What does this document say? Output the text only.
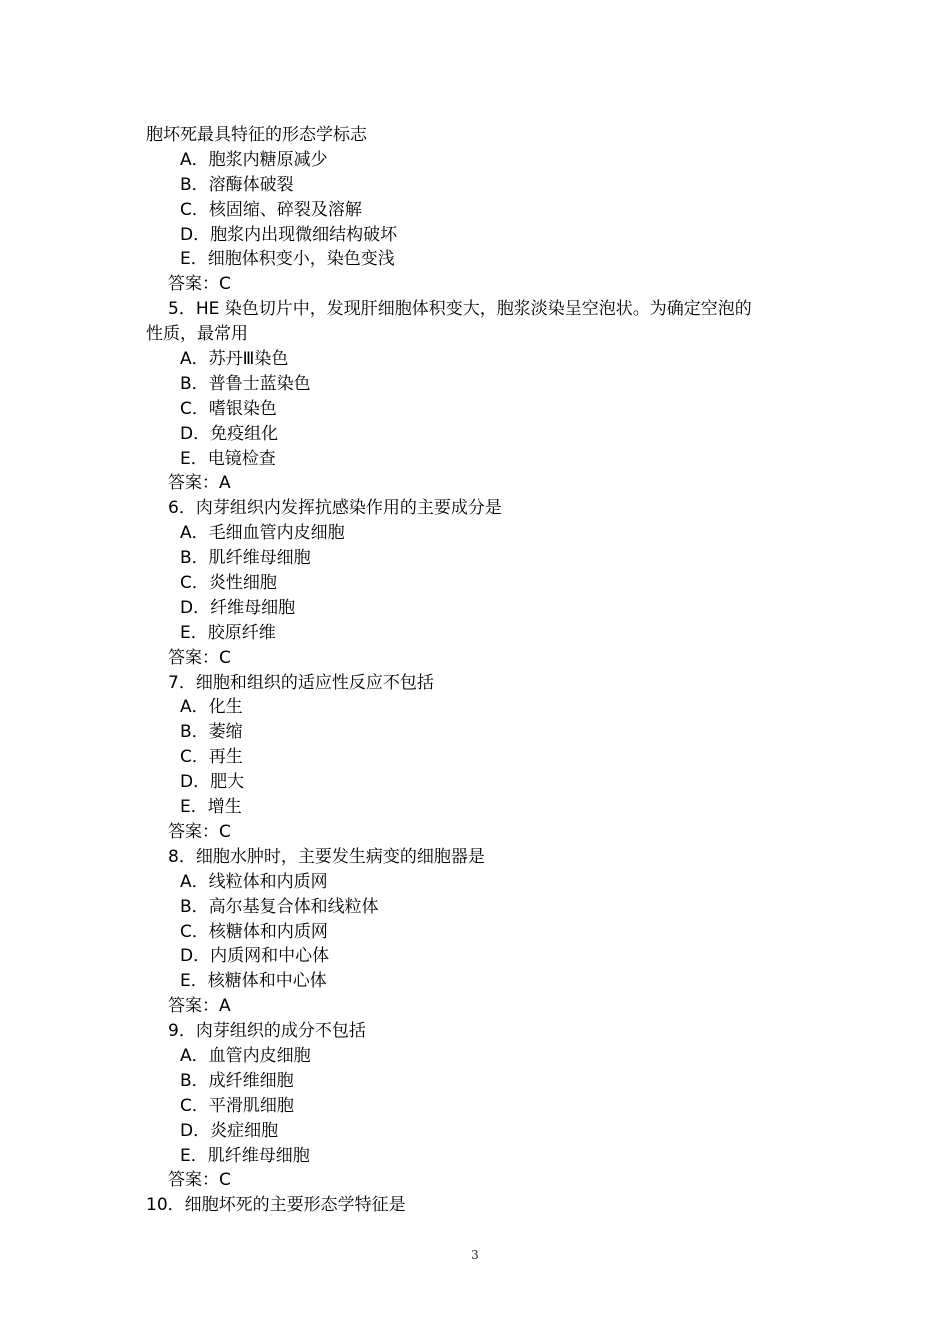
胞坏死最具特征的形态学标志
A．胞浆内糖原减少
B．溶酶体破裂
C．核固缩、碎裂及溶解
D．胞浆内出现微细结构破坏
E．细胞体积变小，染色变浅
答案：C
5．HE 染色切片中，发现肝细胞体积变大，胞浆淡染呈空泡状。为确定空泡的
性质，最常用
A．苏丹Ⅲ染色
B．普鲁士蓝染色
C．嗜银染色
D．免疫组化
E．电镜检查
答案：A
6．肉芽组织内发挥抗感染作用的主要成分是
A．毛细血管内皮细胞
B．肌纤维母细胞
C．炎性细胞
D．纤维母细胞
E．胶原纤维
答案：C
7．细胞和组织的适应性反应不包括
A．化生
B．萎缩
C．再生
D．肥大
E．增生
答案：C
8．细胞水肿时，主要发生病变的细胞器是
A．线粒体和内质网
B．高尔基复合体和线粒体
C．核糖体和内质网
D．内质网和中心体
E．核糖体和中心体
答案：A
9．肉芽组织的成分不包括
A．血管内皮细胞
B．成纤维细胞
C．平滑肌细胞
D．炎症细胞
E．肌纤维母细胞
答案：C
10．细胞坏死的主要形态学特征是
3
